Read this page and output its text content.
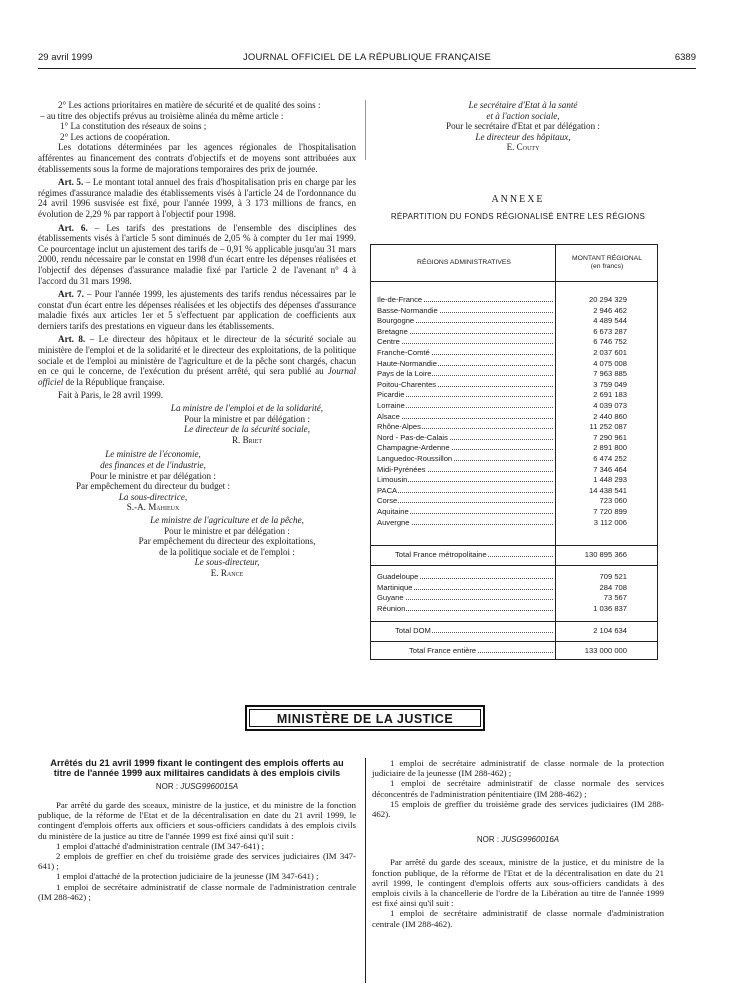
29 avril 1999	JOURNAL OFFICIEL DE LA RÉPUBLIQUE FRANÇAISE	6389

2° Les actions prioritaires en matière de sécurité et de qualité des soins :

– au titre des objectifs prévus au troisième alinéa du même article :

1° La constitution des réseaux de soins ;

2° Les actions de coopération.

Les dotations déterminées par les agences régionales de l'hospitalisation afférentes au financement des contrats d'objectifs et de moyens sont attribuées aux établissements sous la forme de majorations temporaires des prix de journée.

Art. 5. – Le montant total annuel des frais d'hospitalisation pris en charge par les régimes d'assurance maladie des établissements visés à l'article 24 de l'ordonnance du 24 avril 1996 susvisée est fixé, pour l'année 1999, à 3 173 millions de francs, en évolution de 2,29 % par rapport à l'objectif pour 1998.

Art. 6. – Les tarifs des prestations de l'ensemble des disciplines des établissements visés à l'article 5 sont diminués de 2,05 % à compter du 1er mai 1999. Ce pourcentage inclut un ajustement des tarifs de – 0,91 % applicable jusqu'au 31 mars 2000, rendu nécessaire par le constat en 1998 d'un écart entre les dépenses réalisées et l'objectif des dépenses d'assurance maladie fixé par l'article 2 de l'avenant n° 4 à l'accord du 31 mars 1998.

Art. 7. – Pour l'année 1999, les ajustements des tarifs rendus nécessaires par le constat d'un écart entre les dépenses réalisées et les objectifs des dépenses d'assurance maladie fixés aux articles 1er et 5 s'effectuent par application de coefficients aux derniers tarifs des prestations en vigueur dans les établissements.

Art. 8. – Le directeur des hôpitaux et le directeur de la sécurité sociale au ministère de l'emploi et de la solidarité et le directeur des exploitations, de la politique sociale et de l'emploi au ministère de l'agriculture et de la pêche sont chargés, chacun en ce qui le concerne, de l'exécution du présent arrêté, qui sera publié au Journal officiel de la République française.

Fait à Paris, le 28 avril 1999.

La ministre de l'emploi et de la solidarité,

Pour la ministre et par délégation :

Le directeur de la sécurité sociale,

R. Briet

Le ministre de l'économie,

des finances et de l'industrie,

Pour le ministre et par délégation :

Par empêchement du directeur du budget :

La sous-directrice,

S.-A. Mahieux

Le ministre de l'agriculture et de la pêche,

Pour le ministre et par délégation :

Par empêchement du directeur des exploitations,

de la politique sociale et de l'emploi :

Le sous-directeur,

E. Rance

Le secrétaire d'Etat à la santé

et à l'action sociale,

Pour le secrétaire d'Etat et par délégation :

Le directeur des hôpitaux,

E. Couty

ANNEXE
RÉPARTITION DU FONDS RÉGIONALISÉ ENTRE LES RÉGIONS
RÉGIONS ADMINISTRATIVES
MONTANT RÉGIONAL
(en francs)
Ile-de-France	20 294 329
Basse-Normandie	2 946 462
Bourgogne	4 489 544
Bretagne	6 673 287
Centre	6 746 752
Franche-Comté	2 037 601
Haute-Normandie	4 075 008
Pays de la Loire	7 963 885
Poitou-Charentes	3 759 049
Picardie	2 691 183
Lorraine	4 039 073
Alsace	2 440 860
Rhône-Alpes	11 252 087
Nord - Pas-de-Calais	7 290 961
Champagne-Ardenne	2 891 800
Languedoc-Roussillon	6 474 252
Midi-Pyrénées	7 346 464
Limousin	1 448 293
PACA	14 438 541
Corse	723 060
Aquitaine	7 720 899
Auvergne	3 112 006
Total France métropolitaine	130 895 366
Guadeloupe	709 521
Martinique	284 708
Guyane	73 567
Réunion	1 036 837
Total DOM	2 104 634
Total France entière	133 000 000
MINISTÈRE DE LA JUSTICE

Arrêtés du 21 avril 1999 fixant le contingent des emplois offerts au titre de l'année 1999 aux militaires candidats à des emplois civils

NOR : JUSG9960015A

Par arrêté du garde des sceaux, ministre de la justice, et du ministre de la fonction publique, de la réforme de l'Etat et de la décentralisation en date du 21 avril 1999, le contingent d'emplois offerts aux officiers et sous-officiers candidats à des emplois civils du ministère de la justice au titre de l'année 1999 est fixé ainsi qu'il suit :

1 emploi d'attaché d'administration centrale (IM 347-641) ;

2 emplois de greffier en chef du troisième grade des services judiciaires (IM 347-641) ;

1 emploi d'attaché de la protection judiciaire de la jeunesse (IM 347-641) ;

1 emploi de secrétaire administratif de classe normale de l'administration centrale (IM 288-462) ;

1 emploi de secrétaire administratif de classe normale de la protection judiciaire de la jeunesse (IM 288-462) ;

1 emploi de secrétaire administratif de classe normale des services déconcentrés de l'administration pénitentiaire (IM 288-462) ;

15 emplois de greffier du troisième grade des services judiciaires (IM 288-462).

NOR : JUSG9960016A

Par arrêté du garde des sceaux, ministre de la justice, et du ministre de la fonction publique, de la réforme de l'Etat et de la décentralisation en date du 21 avril 1999, le contingent d'emplois offerts aux sous-officiers candidats à des emplois civils à la chancellerie de l'ordre de la Libération au titre de l'année 1999 est fixé ainsi qu'il suit :

1 emploi de secrétaire administratif de classe normale d'administration centrale (IM 288-462).
